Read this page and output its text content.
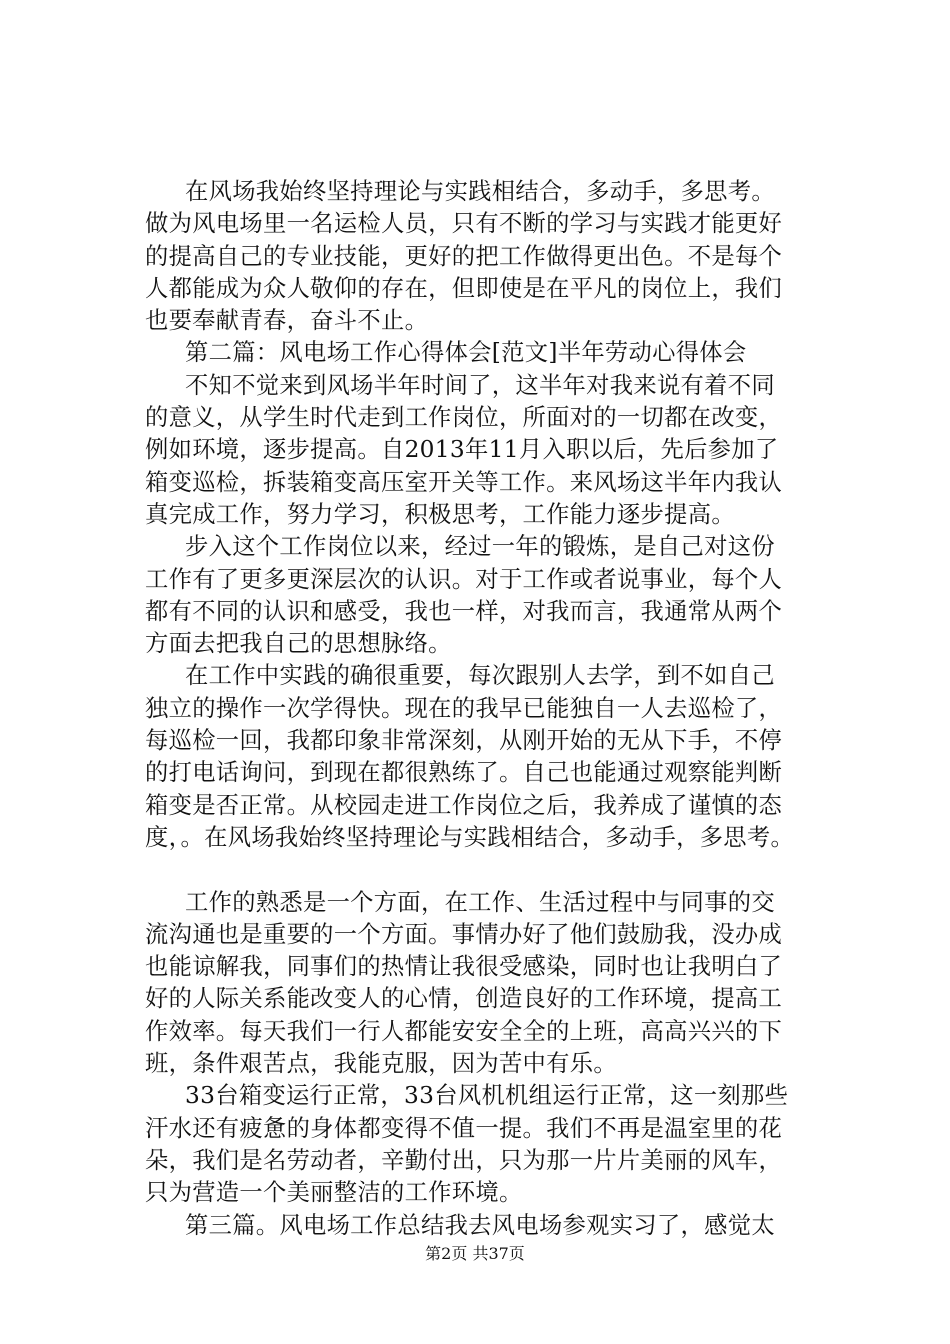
在风场我始终坚持理论与实践相结合，多动手，多思考。
做为风电场里一名运检人员，只有不断的学习与实践才能更好
的提高自己的专业技能，更好的把工作做得更出色。不是每个
人都能成为众人敬仰的存在，但即使是在平凡的岗位上，我们
也要奉献青春，奋斗不止。
第二篇：风电场工作心得体会[范文]半年劳动心得体会
不知不觉来到风场半年时间了，这半年对我来说有着不同
的意义，从学生时代走到工作岗位，所面对的一切都在改变，
例如环境，逐步提高。自2013年11月入职以后，先后参加了
箱变巡检，拆装箱变高压室开关等工作。来风场这半年内我认
真完成工作，努力学习，积极思考，工作能力逐步提高。
步入这个工作岗位以来，经过一年的锻炼，是自己对这份
工作有了更多更深层次的认识。对于工作或者说事业，每个人
都有不同的认识和感受，我也一样，对我而言，我通常从两个
方面去把我自己的思想脉络。
在工作中实践的确很重要，每次跟别人去学，到不如自己
独立的操作一次学得快。现在的我早已能独自一人去巡检了，
每巡检一回，我都印象非常深刻，从刚开始的无从下手，不停
的打电话询问，到现在都很熟练了。自己也能通过观察能判断
箱变是否正常。从校园走进工作岗位之后，我养成了谨慎的态
度，。在风场我始终坚持理论与实践相结合，多动手，多思考。
工作的熟悉是一个方面，在工作、生活过程中与同事的交
流沟通也是重要的一个方面。事情办好了他们鼓励我，没办成
也能谅解我，同事们的热情让我很受感染，同时也让我明白了
好的人际关系能改变人的心情，创造良好的工作环境，提高工
作效率。每天我们一行人都能安安全全的上班，高高兴兴的下
班，条件艰苦点，我能克服，因为苦中有乐。
33台箱变运行正常，33台风机机组运行正常，这一刻那些
汗水还有疲惫的身体都变得不值一提。我们不再是温室里的花
朵，我们是名劳动者，辛勤付出，只为那一片片美丽的风车，
只为营造一个美丽整洁的工作环境。
第三篇。风电场工作总结我去风电场参观实习了，感觉太
第2页 共37页
